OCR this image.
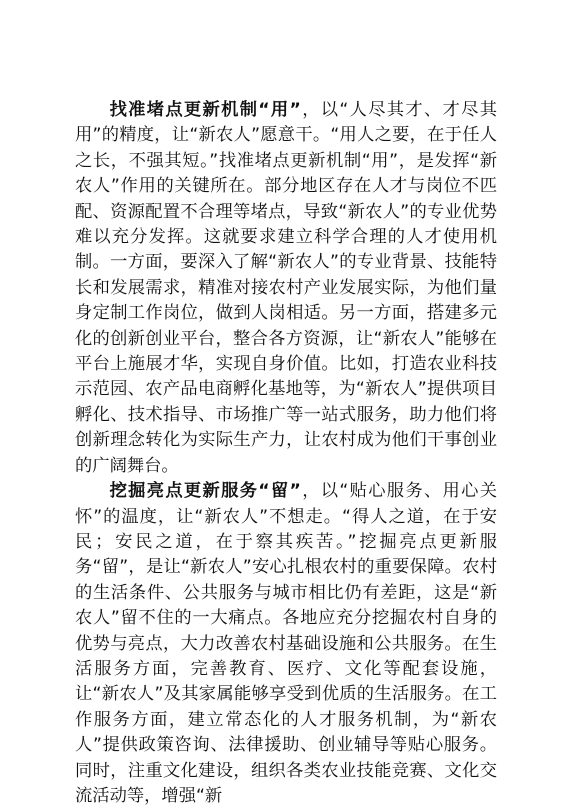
找准堵点更新机制“用”，以“人尽其才、才尽其用”的精度，让“新农人”愿意干。“用人之要，在于任人之长，不强其短。”找准堵点更新机制“用”，是发挥“新农人”作用的关键所在。部分地区存在人才与岗位不匹配、资源配置不合理等堵点，导致“新农人”的专业优势难以充分发挥。这就要求建立科学合理的人才使用机制。一方面，要深入了解“新农人”的专业背景、技能特长和发展需求，精准对接农村产业发展实际，为他们量身定制工作岗位，做到人岗相适。另一方面，搭建多元化的创新创业平台，整合各方资源，让“新农人”能够在平台上施展才华，实现自身价值。比如，打造农业科技示范园、农产品电商孵化基地等，为“新农人”提供项目孵化、技术指导、市场推广等一站式服务，助力他们将创新理念转化为实际生产力，让农村成为他们干事创业的广阔舞台。

挖掘亮点更新服务“留”，以“贴心服务、用心关怀”的温度，让“新农人”不想走。“得人之道，在于安民；安民之道，在于察其疾苦。”挖掘亮点更新服务“留”，是让“新农人”安心扎根农村的重要保障。农村的生活条件、公共服务与城市相比仍有差距，这是“新农人”留不住的一大痛点。各地应充分挖掘农村自身的优势与亮点，大力改善农村基础设施和公共服务。在生活服务方面，完善教育、医疗、文化等配套设施，让“新农人”及其家属能够享受到优质的生活服务。在工作服务方面，建立常态化的人才服务机制，为“新农人”提供政策咨询、法律援助、创业辅导等贴心服务。同时，注重文化建设，组织各类农业技能竞赛、文化交流活动等，增强“新
